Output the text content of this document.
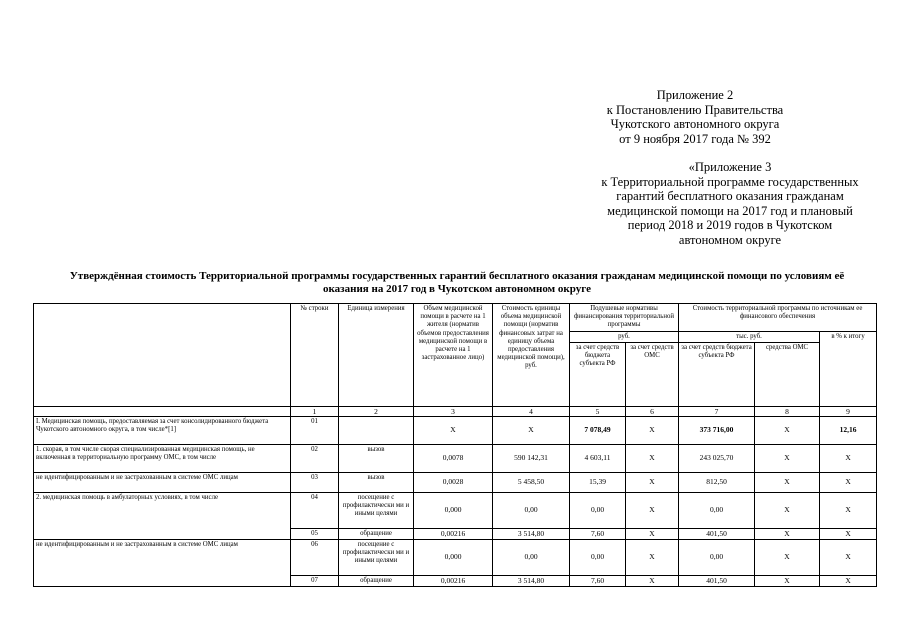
Приложение 2
к Постановлению Правительства
Чукотского автономного округа
от 9 ноября 2017 года № 392
«Приложение 3
к Территориальной программе государственных
гарантий бесплатного оказания гражданам
медицинской помощи на 2017 год и плановый
период 2018 и 2019 годов в Чукотском
автономном округе
Утверждённая стоимость Территориальной программы государственных гарантий бесплатного оказания гражданам медицинской помощи по условиям её
оказания на 2017 год в Чукотском автономном округе
	№ строки	Единица измерения	Объем медицинской помощи в расчете на 1 жителя (норматив объемов предоставления медицинской помощи в расчете на 1 застрахованное лицо)	Стоимость единицы объема медицинской помощи (норматив финансовых затрат на единицу объема предоставления медицинской помощи), руб.	Подушевые нормативы финансирования территориальной программы		Стоимость территориальной программы по источникам ее финансового обеспечения		
					руб.		тыс. руб.		в % к итогу
					за счет средств бюджета субъекта РФ	за счет средств ОМС	за счет средств бюджета субъекта РФ	средства ОМС	
	1	2	3	4	5	6	7	8	9
I. Медицинская помощь, предоставляемая за счет консолидированного бюджета Чукотского автономного округа, в том числе*[1]	01		Х	Х	7 078,49	Х	373 716,00	Х	12,16
1. скорая, в том числе скорая специализированная медицинская помощь, не включенная в территориальную программу ОМС, в том числе	02	вызов	0,0078	590 142,31	4 603,11	Х	243 025,70	Х	Х
не идентифицированным и не застрахованным в системе ОМС лицам	03	вызов	0,0028	5 458,50	15,39	Х	812,50	Х	Х
2. медицинская помощь в амбулаторных условиях, в том числе	04	посещение с профилактически ми и иными целями	0,000	0,00	0,00	Х	0,00	Х	Х
	05	обращение	0,00216	3 514,80	7,60	Х	401,50	Х	Х
не идентифицированным и не застрахованным в системе ОМС лицам	06	посещение с профилактически ми и иными целями	0,000	0,00	0,00	Х	0,00	Х	Х
	07	обращение	0,00216	3 514,80	7,60	Х	401,50	Х	Х
